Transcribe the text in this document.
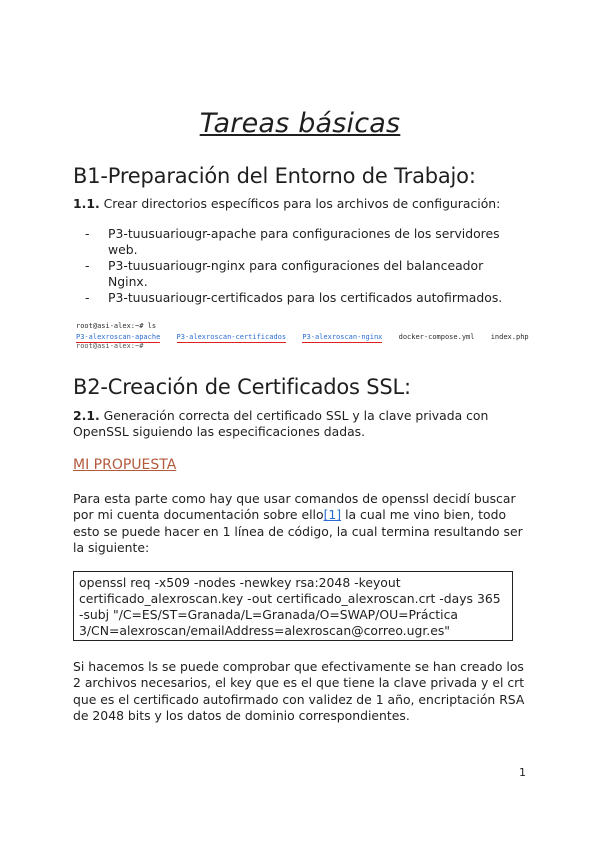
Tareas básicas
B1-Preparación del Entorno de Trabajo:

1.1. Crear directorios específicos para los archivos de configuración:

- P3-tuusuariougr-apache para configuraciones de los servidores web.
- P3-tuusuariougr-nginx para configuraciones del balanceador Nginx.
- P3-tuusuariougr-certificados para los certificados autofirmados.
root@asi-alex:~# ls
P3-alexroscan-apache P3-alexroscan-certificados P3-alexroscan-nginx docker-compose.yml index.php
root@asi-alex:~#
B2-Creación de Certificados SSL:

2.1. Generación correcta del certificado SSL y la clave privada con OpenSSL siguiendo las especificaciones dadas.

MI PROPUESTA

Para esta parte como hay que usar comandos de openssl decidí buscar por mi cuenta documentación sobre ello[1] la cual me vino bien, todo esto se puede hacer en 1 línea de código, la cual termina resultando ser la siguiente:

openssl req -x509 -nodes -newkey rsa:2048 -keyout certificado_alexroscan.key -out certificado_alexroscan.crt -days 365 -subj "/C=ES/ST=Granada/L=Granada/O=SWAP/OU=Práctica 3/CN=alexroscan/emailAddress=alexroscan@correo.ugr.es"

Si hacemos ls se puede comprobar que efectivamente se han creado los 2 archivos necesarios, el key que es el que tiene la clave privada y el crt que es el certificado autofirmado con validez de 1 año, encriptación RSA de 2048 bits y los datos de dominio correspondientes.

1
